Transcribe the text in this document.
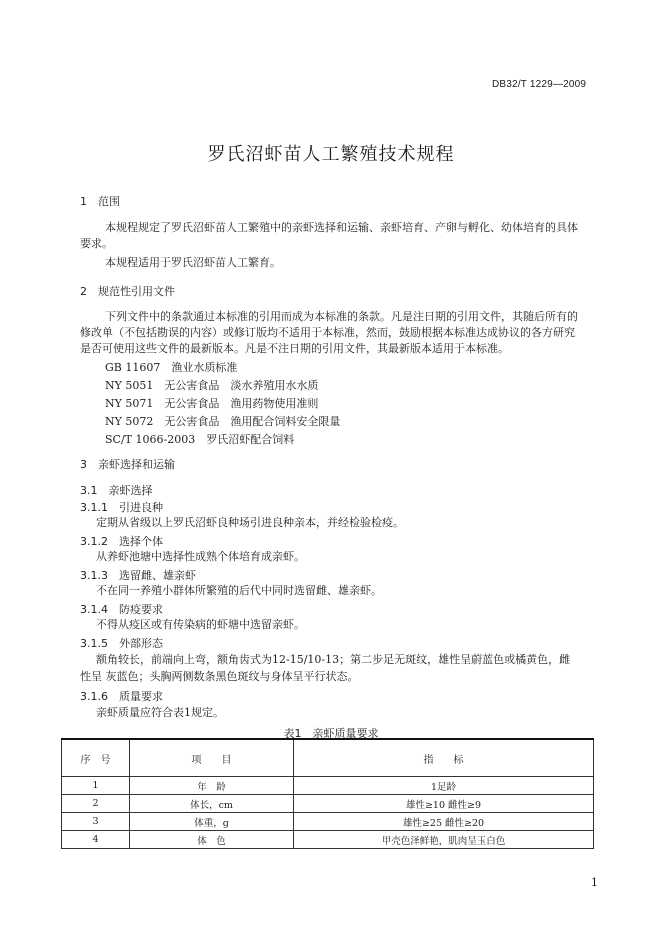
DB32/T 1229—2009
罗氏沼虾苗人工繁殖技术规程
1　范围
本规程规定了罗氏沼虾苗人工繁殖中的亲虾选择和运输、亲虾培育、产卵与孵化、幼体培育的具体
要求。
本规程适用于罗氏沼虾苗人工繁育。
2　规范性引用文件
下列文件中的条款通过本标准的引用而成为本标准的条款。凡是注日期的引用文件，其随后所有的
修改单（不包括勘误的内容）或修订版均不适用于本标准，然而，鼓励根据本标准达成协议的各方研究
是否可使用这些文件的最新版本。凡是不注日期的引用文件，其最新版本适用于本标准。
GB 11607　渔业水质标准
NY 5051　无公害食品　淡水养殖用水水质
NY 5071　无公害食品　渔用药物使用准则
NY 5072　无公害食品　渔用配合饲料安全限量
SC/T 1066-2003　罗氏沼虾配合饲料
3　亲虾选择和运输
3.1　亲虾选择
3.1.1　引进良种
定期从省级以上罗氏沼虾良种场引进良种亲本，并经检验检疫。
3.1.2　选择个体
从养虾池塘中选择性成熟个体培育成亲虾。
3.1.3　选留雌、雄亲虾
不在同一养殖小群体所繁殖的后代中同时选留雌、雄亲虾。
3.1.4　防疫要求
不得从疫区或有传染病的虾塘中选留亲虾。
3.1.5　外部形态
额角较长，前端向上弯，额角齿式为12-15/10-13；第二步足无斑纹，雄性呈蔚蓝色或橘黄色，雌
性呈 灰蓝色；头胸两侧数条黑色斑纹与身体呈平行状态。
3.1.6　质量要求
亲虾质量应符合表1规定。
表1　亲虾质量要求
序　号	项　　目	指　　标
1	年　龄	1足龄
2	体长，cm	雄性≥10 雌性≥9
3	体重，g	雄性≥25 雌性≥20
4	体　色	甲壳色泽鲜艳，肌肉呈玉白色
1
